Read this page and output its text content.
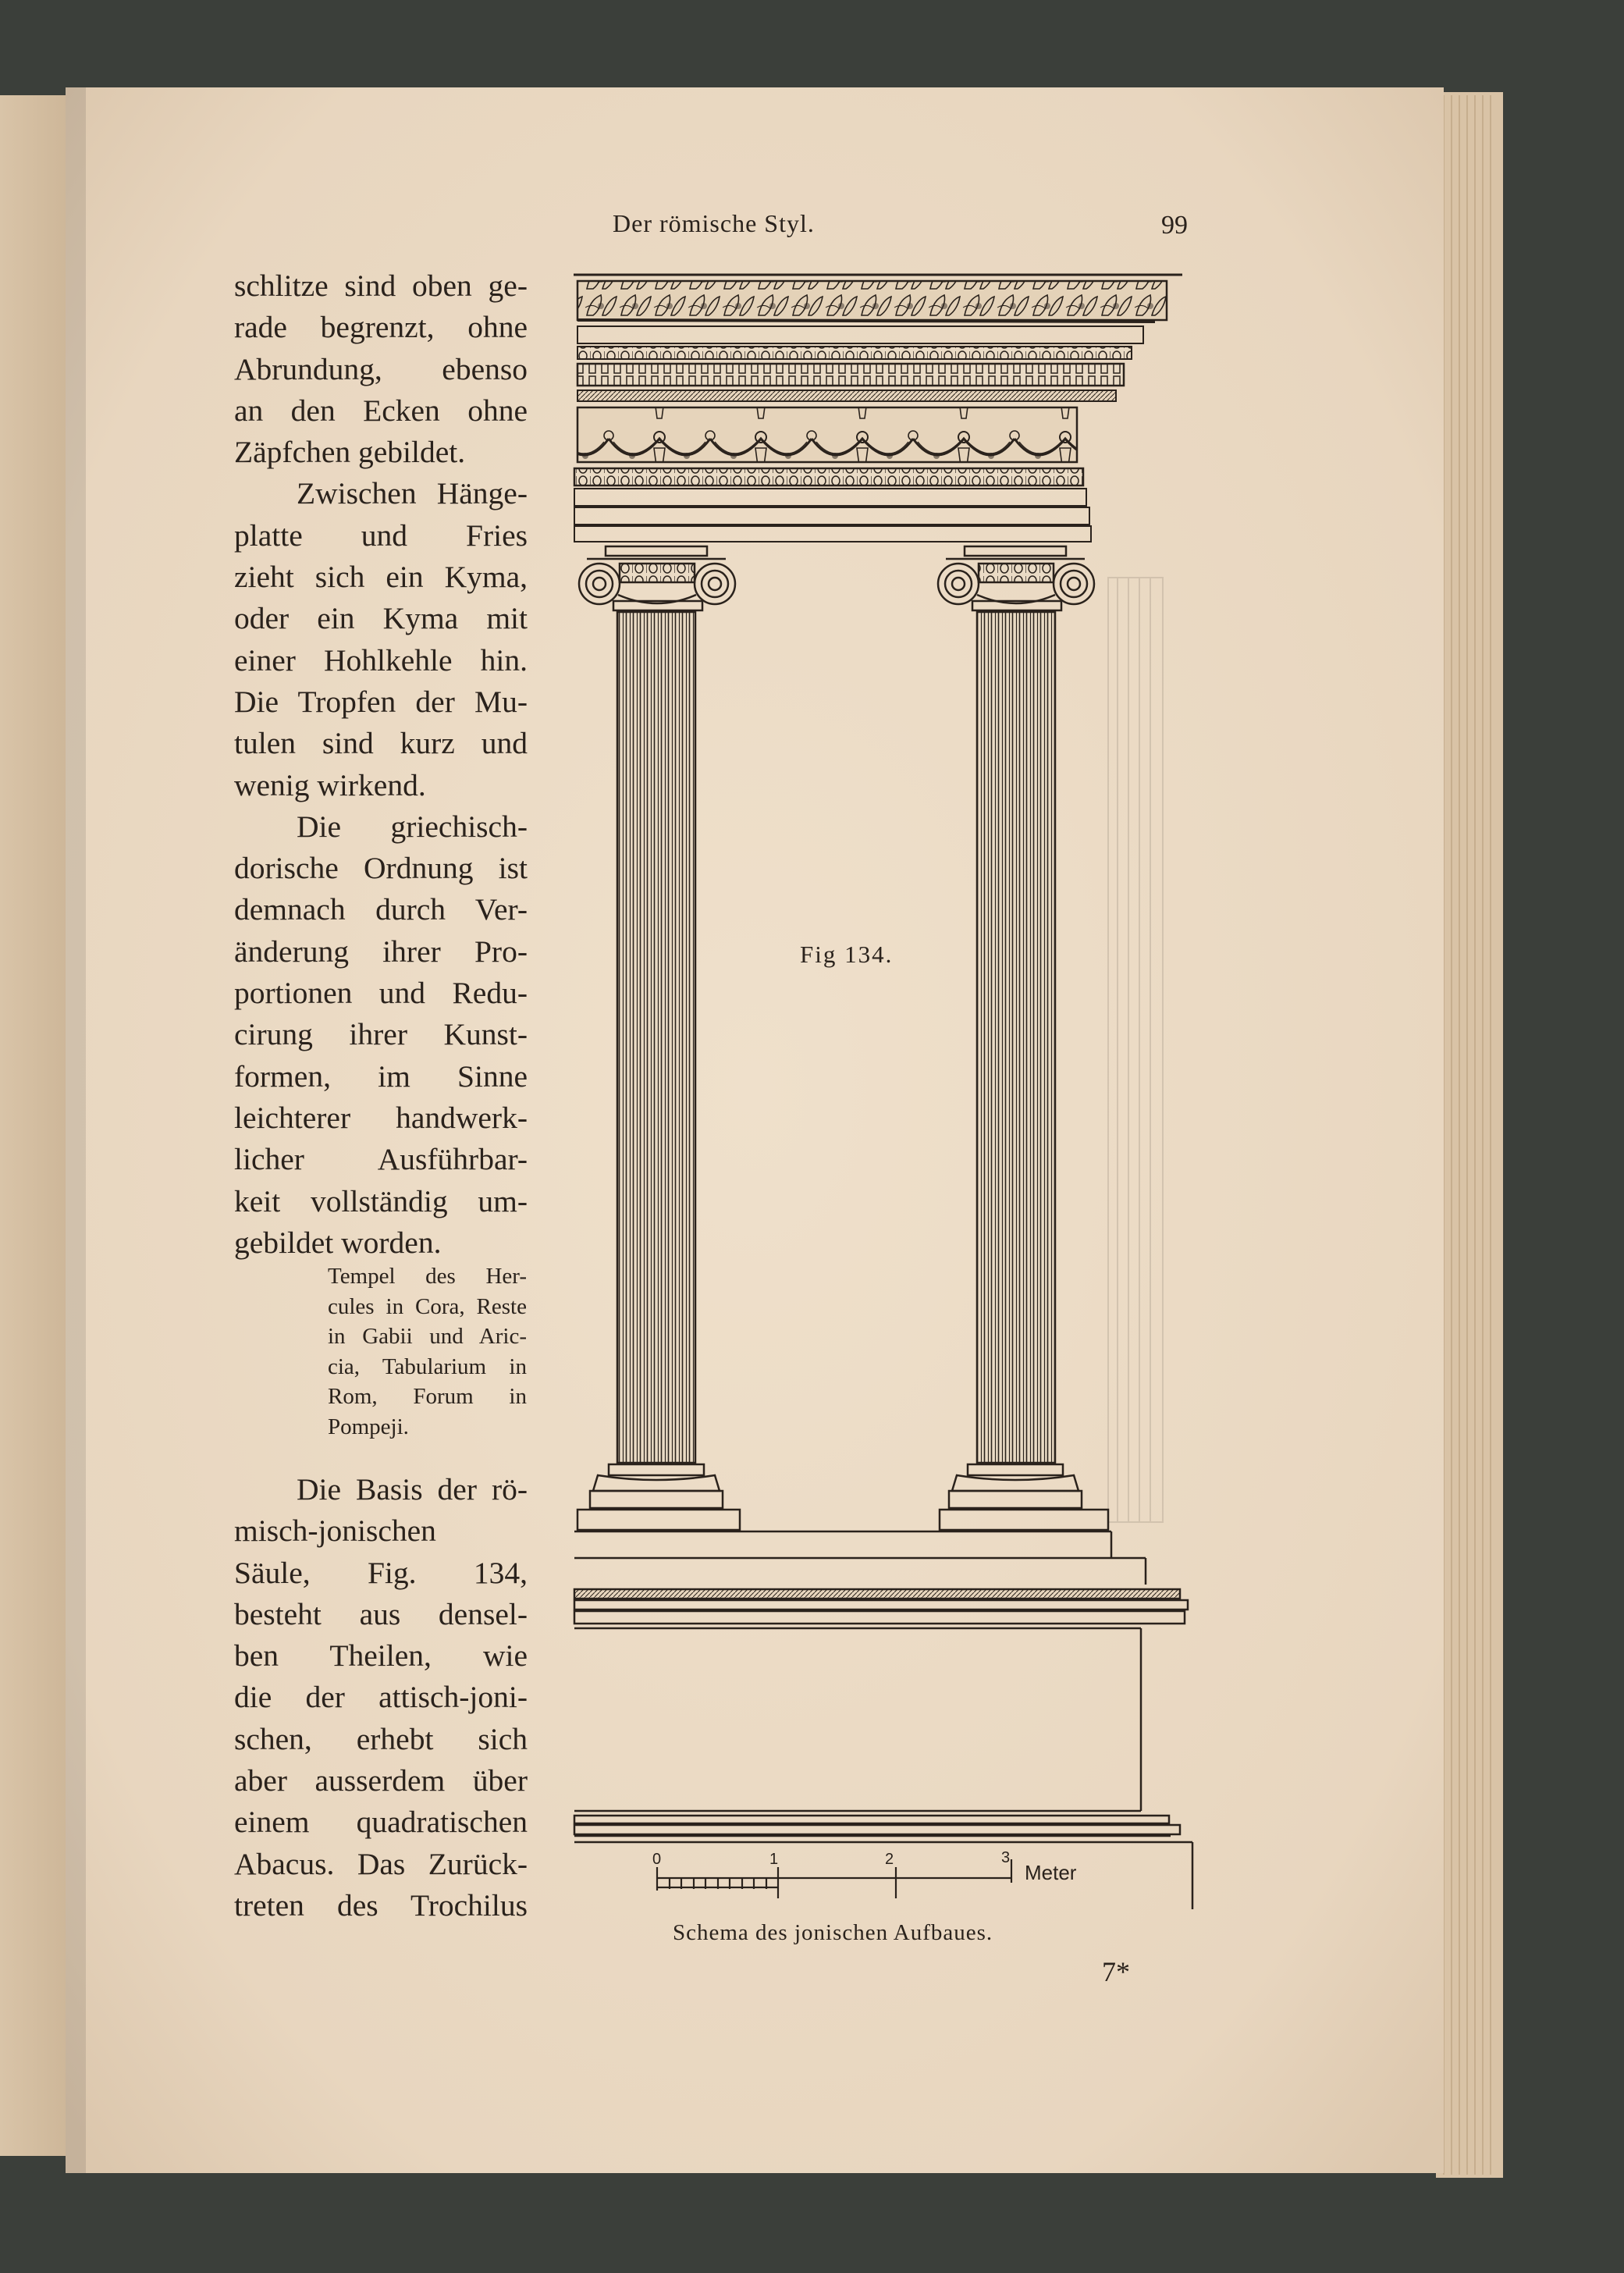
0	1	2	3
Der römische Styl.	99
schlitze sind oben ge-
rade begrenzt, ohne
Abrundung, ebenso
an den Ecken ohne
Zäpfchen gebildet.
Zwischen Hänge-
platte und Fries
zieht sich ein Kyma,
oder ein Kyma mit
einer Hohlkehle hin.
Die Tropfen der Mu-
tulen sind kurz und
wenig wirkend.
Die griechisch-
dorische Ordnung ist
demnach durch Ver-
änderung ihrer Pro-
portionen und Redu-
cirung ihrer Kunst-
formen, im Sinne
leichterer handwerk-
licher Ausführbar-
keit vollständig um-
gebildet worden.
Tempel des Her-
cules in Cora, Reste
in Gabii und Aric-
cia, Tabularium in
Rom, Forum in
Pompeji.
Die Basis der rö-
misch-jonischen
Säule, Fig. 134,
besteht aus densel-
ben Theilen, wie
die der attisch-joni-
schen, erhebt sich
aber ausserdem über
einem quadratischen
Abacus. Das Zurück-
treten des Trochilus
Fig 134.
Meter
Schema des jonischen Aufbaues.
7*
